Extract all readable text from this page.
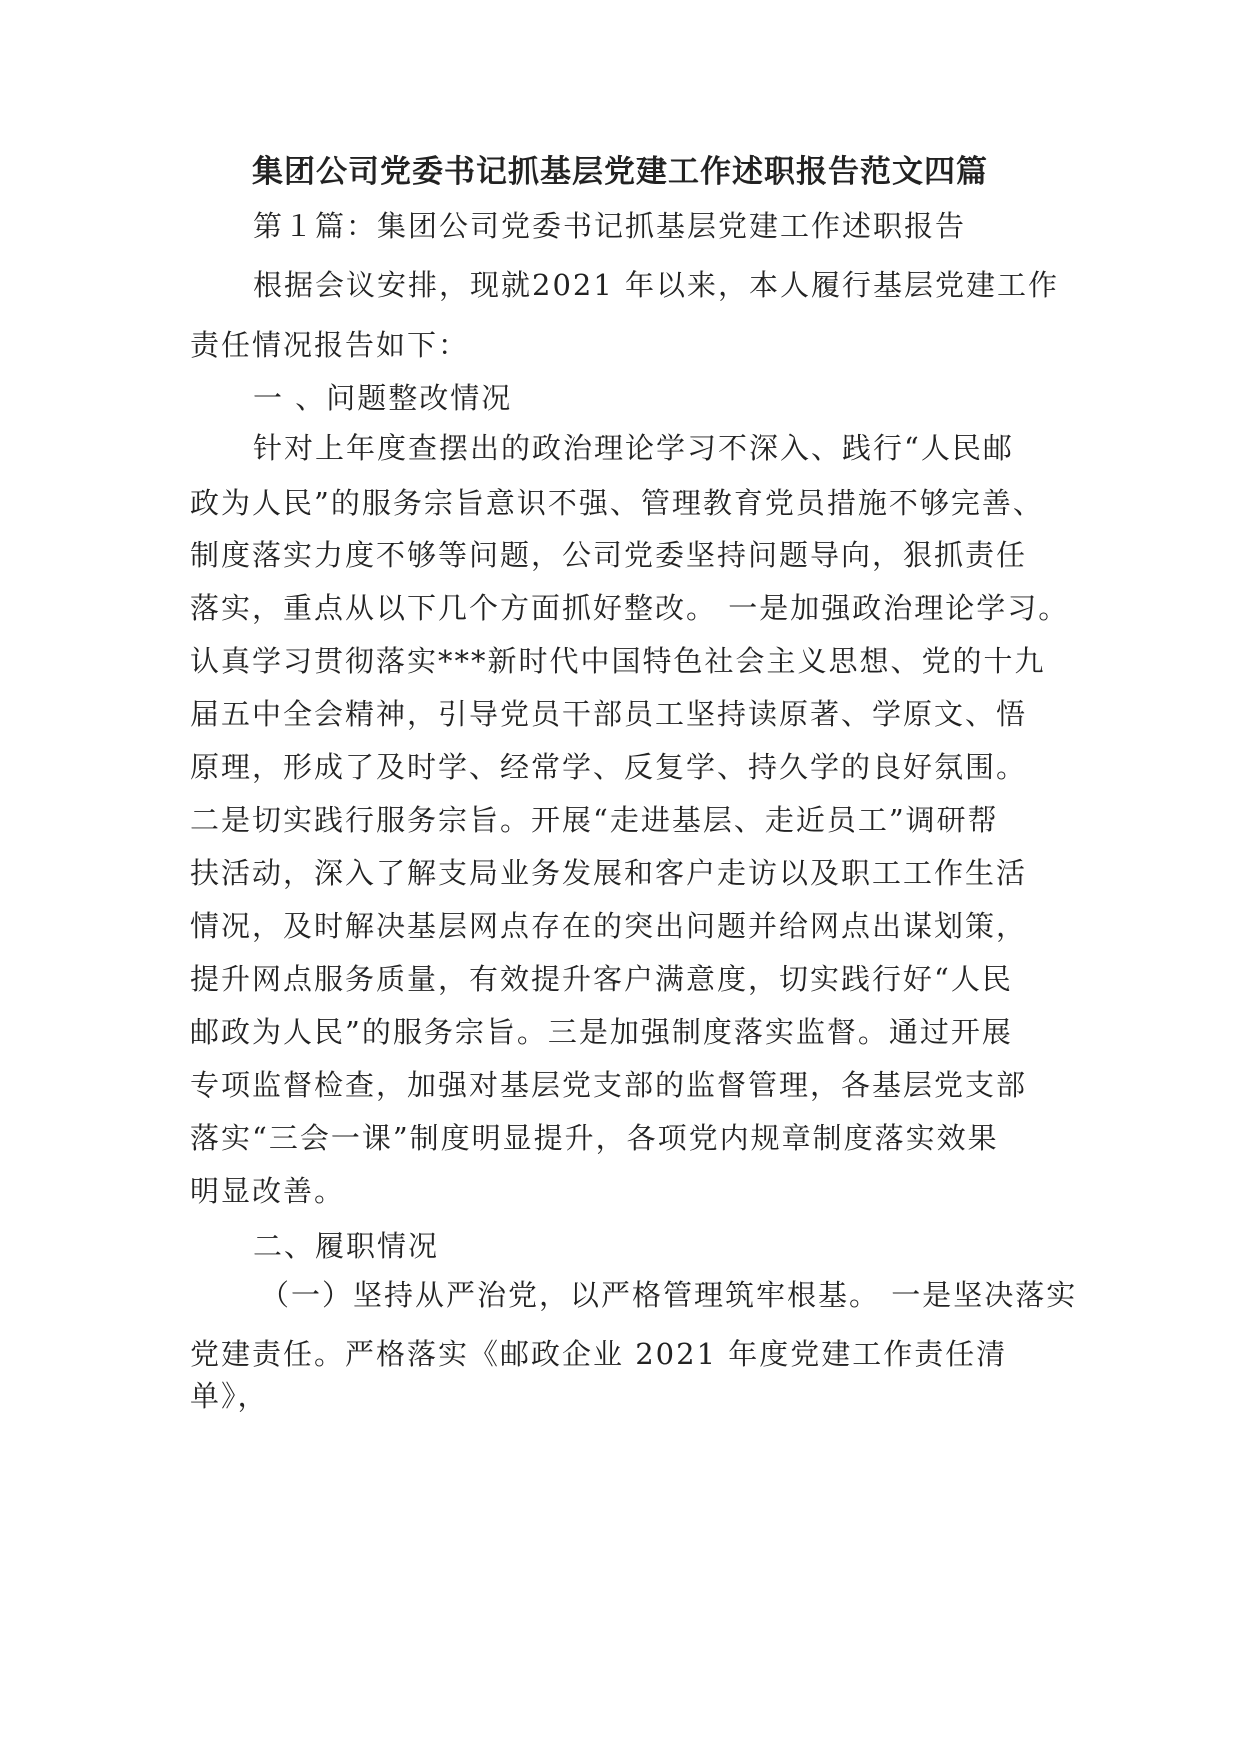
集团公司党委书记抓基层党建工作述职报告范文四篇
第１篇：集团公司党委书记抓基层党建工作述职报告
根据会议安排，现就2021 年以来，本人履行基层党建工作
责任情况报告如下：
一 、问题整改情况
针对上年度查摆出的政治理论学习不深入、践行“人民邮
政为人民”的服务宗旨意识不强、管理教育党员措施不够完善、
制度落实力度不够等问题，公司党委坚持问题导向，狠抓责任
落实，重点从以下几个方面抓好整改。 一是加强政治理论学习。
认真学习贯彻落实***新时代中国特色社会主义思想、党的十九
届五中全会精神，引导党员干部员工坚持读原著、学原文、悟
原理，形成了及时学、经常学、反复学、持久学的良好氛围。
二是切实践行服务宗旨。开展“走进基层、走近员工”调研帮
扶活动，深入了解支局业务发展和客户走访以及职工工作生活
情况，及时解决基层网点存在的突出问题并给网点出谋划策，
提升网点服务质量，有效提升客户满意度，切实践行好“人民
邮政为人民”的服务宗旨。三是加强制度落实监督。通过开展
专项监督检查，加强对基层党支部的监督管理，各基层党支部
落实“三会一课”制度明显提升，各项党内规章制度落实效果
明显改善。
二、履职情况
（一）坚持从严治党，以严格管理筑牢根基。 一是坚决落实
党建责任。严格落实《邮政企业 2021 年度党建工作责任清
单》，
